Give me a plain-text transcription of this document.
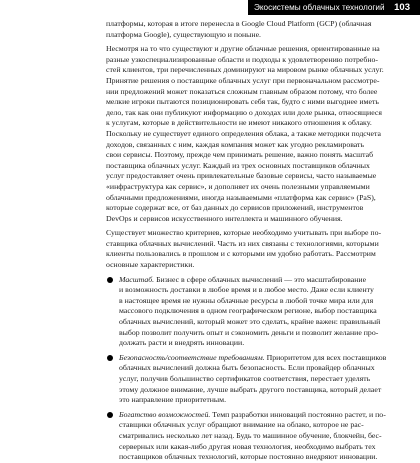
Экосистемы облачных технологий 103

платформы, которая в итоге перенесла в Google Cloud Platform (GCP) (облачная
платформа Google), существующую и поныне.

Несмотря на то что существуют и другие облачные решения, ориентированные на
разные узкоспециализированные области и подходы к удовлетворению потребно-
стей клиентов, три перечисленных доминируют на мировом рынке облачных услуг.
Принятие решения о поставщике облачных услуг при первоначальном рассмотре-
нии предложений может показаться сложным главным образом потому, что более
мелкие игроки пытаются позиционировать себя так, будто с ними выгоднее иметь
дело, так как они публикуют информацию о доходах или доле рынка, относящиеся
к услугам, которые в действительности не имеют никакого отношения к облаку.
Поскольку не существует единого определения облака, а также методики подсчета
доходов, связанных с ним, каждая компания может как угодно рекламировать
свои сервисы. Поэтому, прежде чем принимать решение, важно понять масштаб
поставщика облачных услуг. Каждый из трех основных поставщиков облачных
услуг предоставляет очень привлекательные базовые сервисы, часто называемые
«инфраструктура как сервис», и дополняет их очень полезными управляемыми
облачными предложениями, иногда называемыми «платформа как сервис» (PaS),
которые содержат все, от баз данных до сервисов приложений, инструментов
DevOps и сервисов искусственного интеллекта и машинного обучения.

Существует множество критериев, которые необходимо учитывать при выборе по-
ставщика облачных вычислений. Часть из них связаны с технологиями, которыми
клиенты пользовались в прошлом и с которыми им удобно работать. Рассмотрим
основные характеристики.

Масштаб. Бизнес в сфере облачных вычислений — это масштабирование
и возможность доставки в любое время и в любое место. Даже если клиенту
в настоящее время не нужны облачные ресурсы в любой точке мира или для
массового подключения в одном географическом регионе, выбор поставщика
облачных вычислений, который может это сделать, крайне важен: правильный
выбор позволит получить опыт и сэкономить деньги и позволит желание про-
должать расти и внедрять инновации.

Безопасность/соответствие требованиям. Приоритетом для всех поставщиков
облачных вычислений должна быть безопасность. Если провайдер облачных
услуг, получив большинство сертификатов соответствия, перестает уделять
этому должное внимание, лучше выбрать другого поставщика, который делает
это направление приоритетным.

Богатство возможностей. Темп разработки инноваций постоянно растет, и по-
ставщики облачных услуг обращают внимание на облако, которое не рас-
сматривались несколько лет назад. Будь то машинное обучение, блокчейн, бес-
серверных или какая-либо другая новая технология, необходимо выбрать тех
поставщиков облачных технологий, которые постоянно внедряют инновации.
